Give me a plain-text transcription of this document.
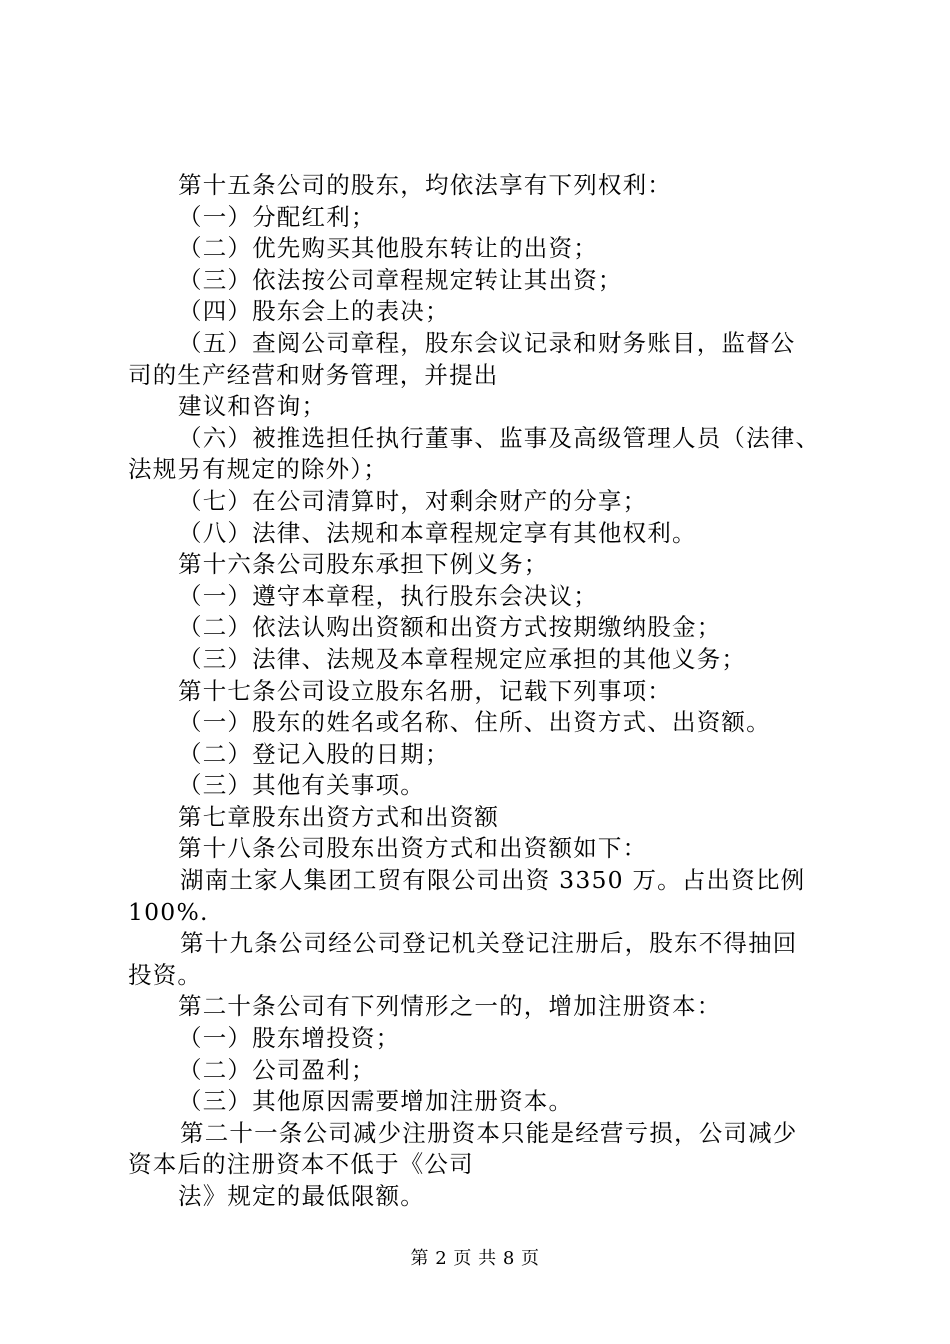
第十五条公司的股东，均依法享有下列权利：
（一）分配红利；
（二）优先购买其他股东转让的出资；
（三）依法按公司章程规定转让其出资；
（四）股东会上的表决；
（五）查阅公司章程，股东会议记录和财务账目，监督公
司的生产经营和财务管理，并提出
建议和咨询；
（六）被推选担任执行董事、监事及高级管理人员（法律、
法规另有规定的除外）；
（七）在公司清算时，对剩余财产的分享；
（八）法律、法规和本章程规定享有其他权利。
第十六条公司股东承担下例义务；
（一）遵守本章程，执行股东会决议；
（二）依法认购出资额和出资方式按期缴纳股金；
（三）法律、法规及本章程规定应承担的其他义务；
第十七条公司设立股东名册，记载下列事项：
（一）股东的姓名或名称、住所、出资方式、出资额。
（二）登记入股的日期；
（三）其他有关事项。
第七章股东出资方式和出资额
第十八条公司股东出资方式和出资额如下：
湖南土家人集团工贸有限公司出资 3350 万。占出资比例
100%.
第十九条公司经公司登记机关登记注册后，股东不得抽回
投资。
第二十条公司有下列情形之一的，增加注册资本：
（一）股东增投资；
（二）公司盈利；
（三）其他原因需要增加注册资本。
第二十一条公司减少注册资本只能是经营亏损，公司减少
资本后的注册资本不低于《公司
法》规定的最低限额。
第 2 页 共 8 页
